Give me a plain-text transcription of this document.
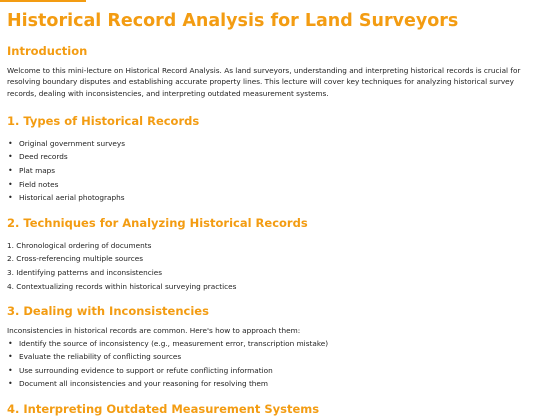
Historical Record Analysis for Land Surveyors
Introduction

Welcome to this mini-lecture on Historical Record Analysis. As land surveyors, understanding and interpreting historical records is crucial for resolving boundary disputes and establishing accurate property lines. This lecture will cover key techniques for analyzing historical survey records, dealing with inconsistencies, and interpreting outdated measurement systems.

1. Types of Historical Records
• Original government surveys
• Deed records
• Plat maps
• Field notes
• Historical aerial photographs
2. Techniques for Analyzing Historical Records
1. Chronological ordering of documents
2. Cross-referencing multiple sources
3. Identifying patterns and inconsistencies
4. Contextualizing records within historical surveying practices
3. Dealing with Inconsistencies

Inconsistencies in historical records are common. Here's how to approach them:

• Identify the source of inconsistency (e.g., measurement error, transcription mistake)
• Evaluate the reliability of conflicting sources
• Use surrounding evidence to support or refute conflicting information
• Document all inconsistencies and your reasoning for resolving them
4. Interpreting Outdated Measurement Systems
